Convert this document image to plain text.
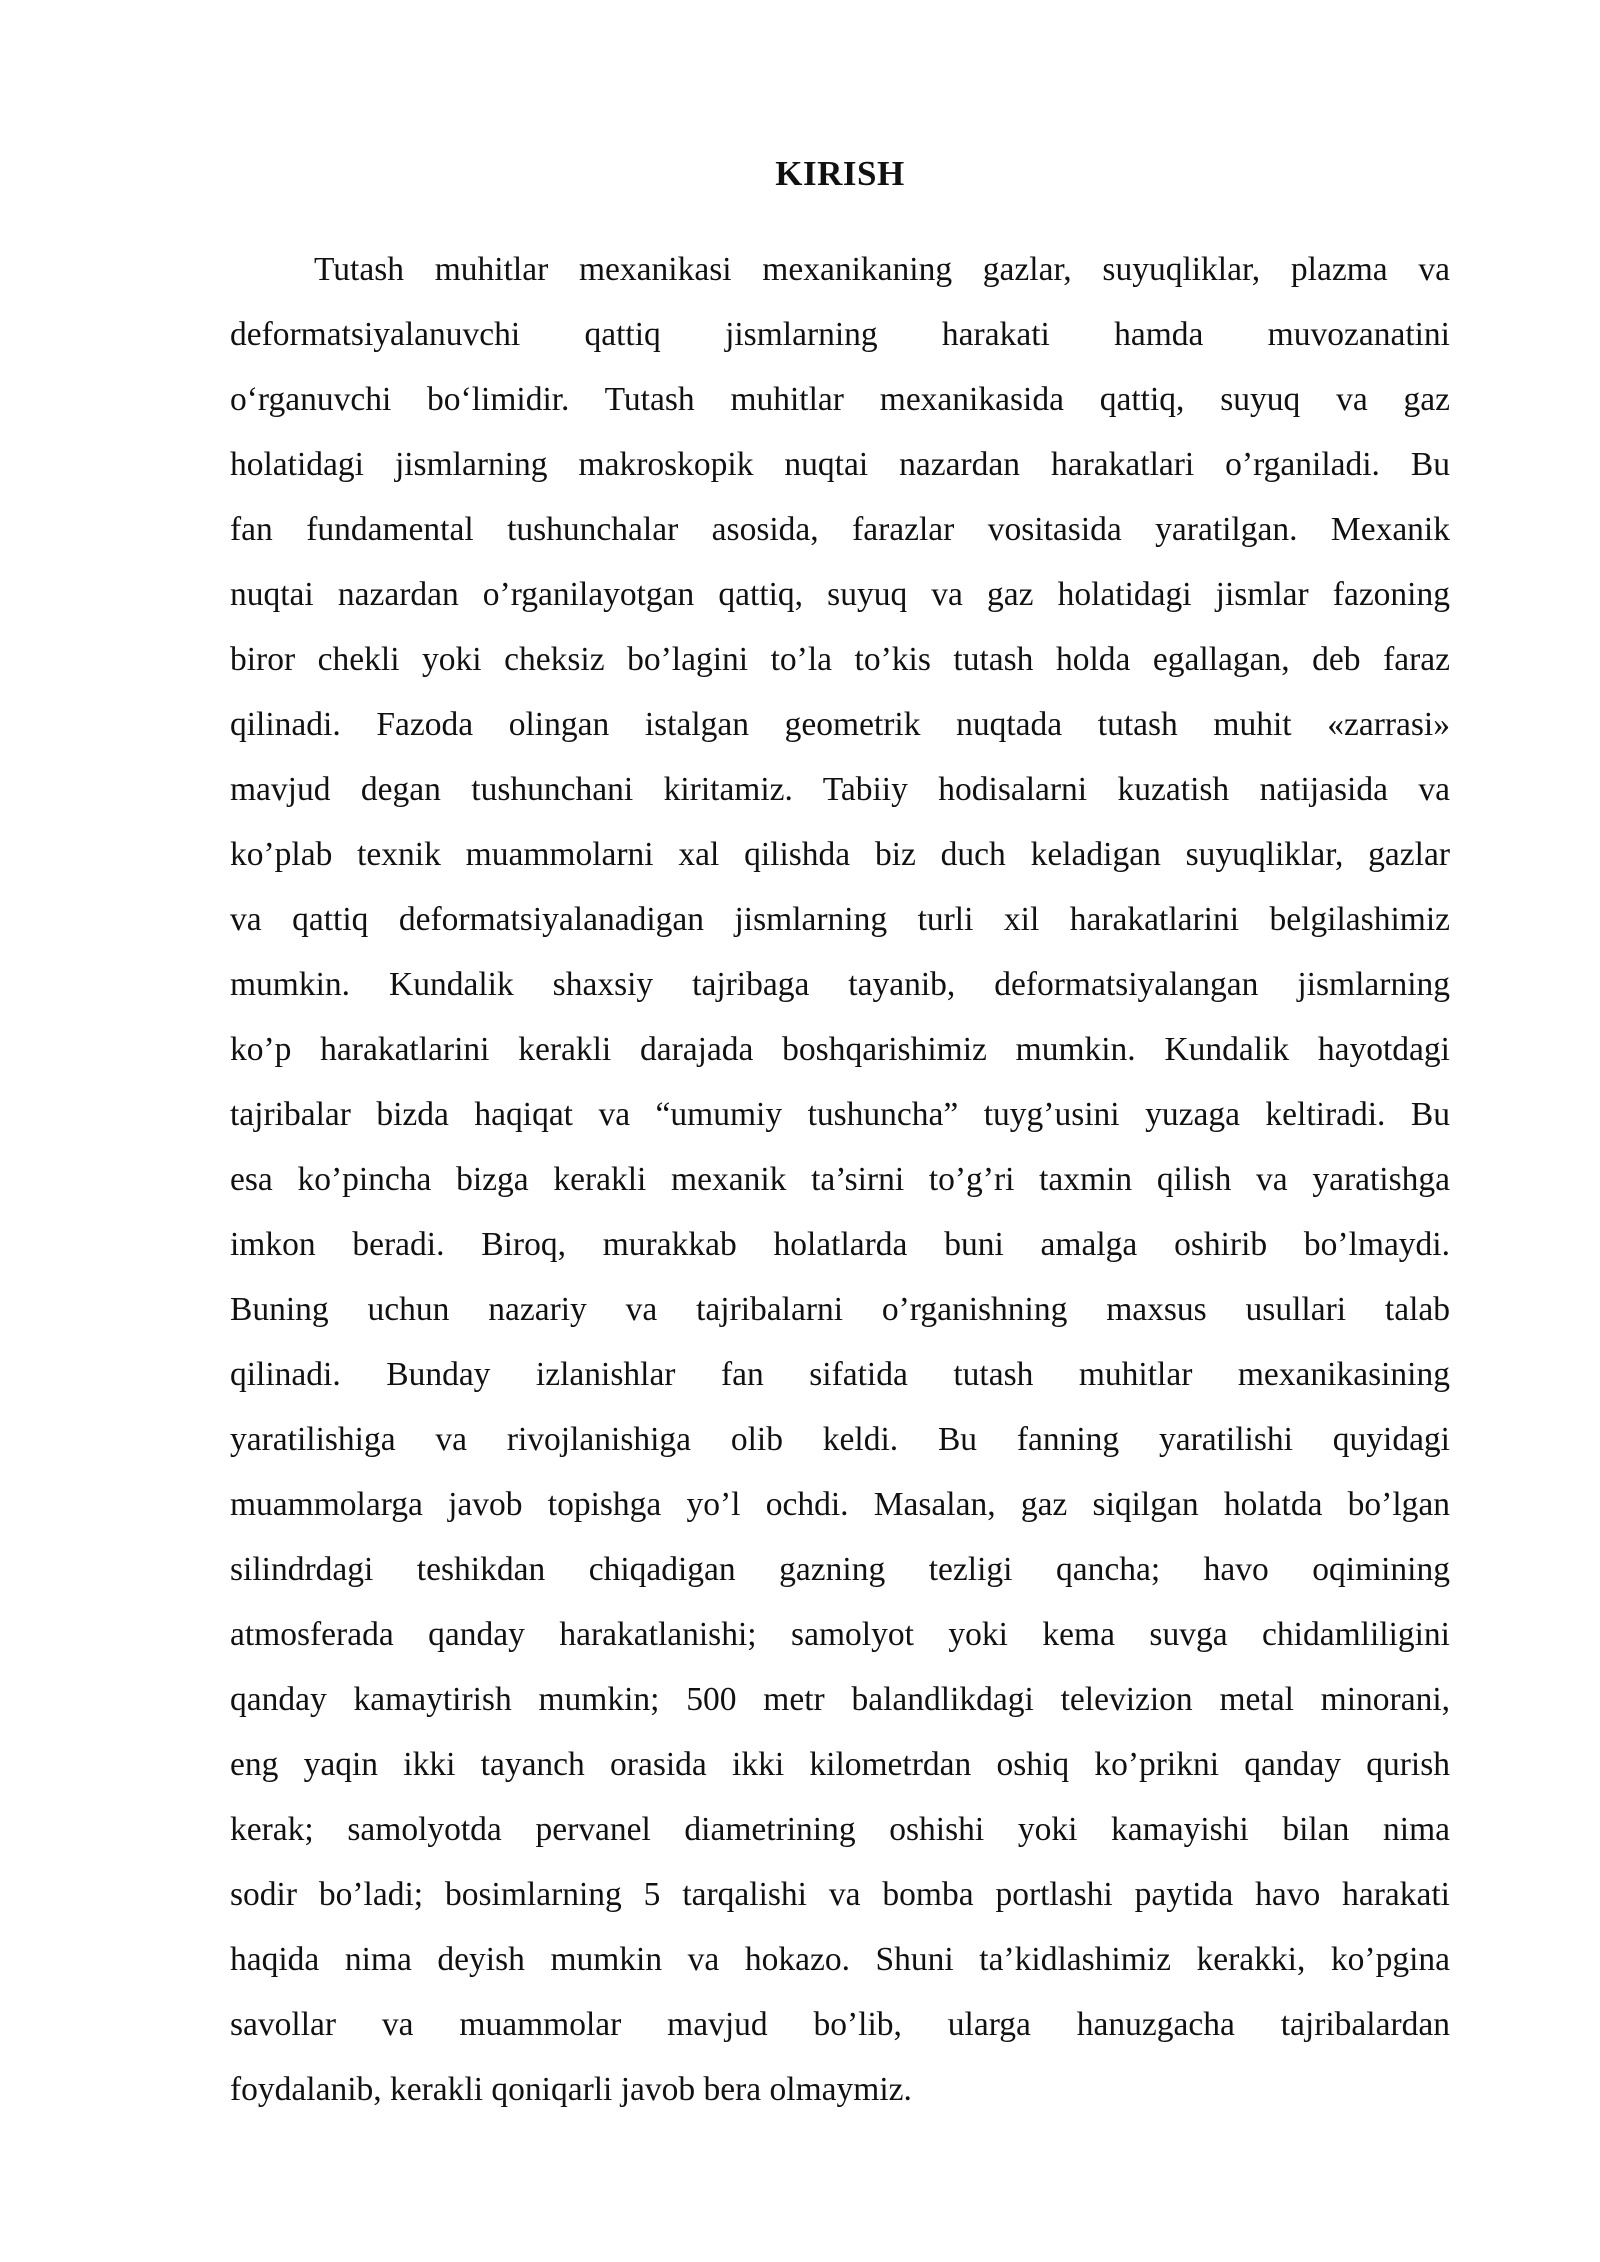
KIRISH
Tutash muhitlar mexanikasi mexanikaning gazlar, suyuqliklar, plazma va
deformatsiyalanuvchi qattiq jismlarning harakati hamda muvozanatini
o‘rganuvchi bo‘limidir. Tutash muhitlar mexanikasida qattiq, suyuq va gaz
holatidagi jismlarning makroskopik nuqtai nazardan harakatlari o’rganiladi. Bu
fan fundamental tushunchalar asosida, farazlar vositasida yaratilgan. Mexanik
nuqtai nazardan o’rganilayotgan qattiq, suyuq va gaz holatidagi jismlar fazoning
biror chekli yoki cheksiz bo’lagini to’la to’kis tutash holda egallagan, deb faraz
qilinadi. Fazoda olingan istalgan geometrik nuqtada tutash muhit «zarrasi»
mavjud degan tushunchani kiritamiz. Tabiiy hodisalarni kuzatish natijasida va
ko’plab texnik muammolarni xal qilishda biz duch keladigan suyuqliklar, gazlar
va qattiq deformatsiyalanadigan jismlarning turli xil harakatlarini belgilashimiz
mumkin. Kundalik shaxsiy tajribaga tayanib, deformatsiyalangan jismlarning
ko’p harakatlarini kerakli darajada boshqarishimiz mumkin. Kundalik hayotdagi
tajribalar bizda haqiqat va “umumiy tushuncha” tuyg’usini yuzaga keltiradi. Bu
esa ko’pincha bizga kerakli mexanik ta’sirni to’g’ri taxmin qilish va yaratishga
imkon beradi. Biroq, murakkab holatlarda buni amalga oshirib bo’lmaydi.
Buning uchun nazariy va tajribalarni o’rganishning maxsus usullari talab
qilinadi. Bunday izlanishlar fan sifatida tutash muhitlar mexanikasining
yaratilishiga va rivojlanishiga olib keldi. Bu fanning yaratilishi quyidagi
muammolarga javob topishga yo’l ochdi. Masalan, gaz siqilgan holatda bo’lgan
silindrdagi teshikdan chiqadigan gazning tezligi qancha; havo oqimining
atmosferada qanday harakatlanishi; samolyot yoki kema suvga chidamliligini
qanday kamaytirish mumkin; 500 metr balandlikdagi televizion metal minorani,
eng yaqin ikki tayanch orasida ikki kilometrdan oshiq ko’prikni qanday qurish
kerak; samolyotda pervanel diametrining oshishi yoki kamayishi bilan nima
sodir bo’ladi; bosimlarning 5 tarqalishi va bomba portlashi paytida havo harakati
haqida nima deyish mumkin va hokazo. Shuni ta’kidlashimiz kerakki, ko’pgina
savollar va muammolar mavjud bo’lib, ularga hanuzgacha tajribalardan
foydalanib, kerakli qoniqarli javob bera olmaymiz.
